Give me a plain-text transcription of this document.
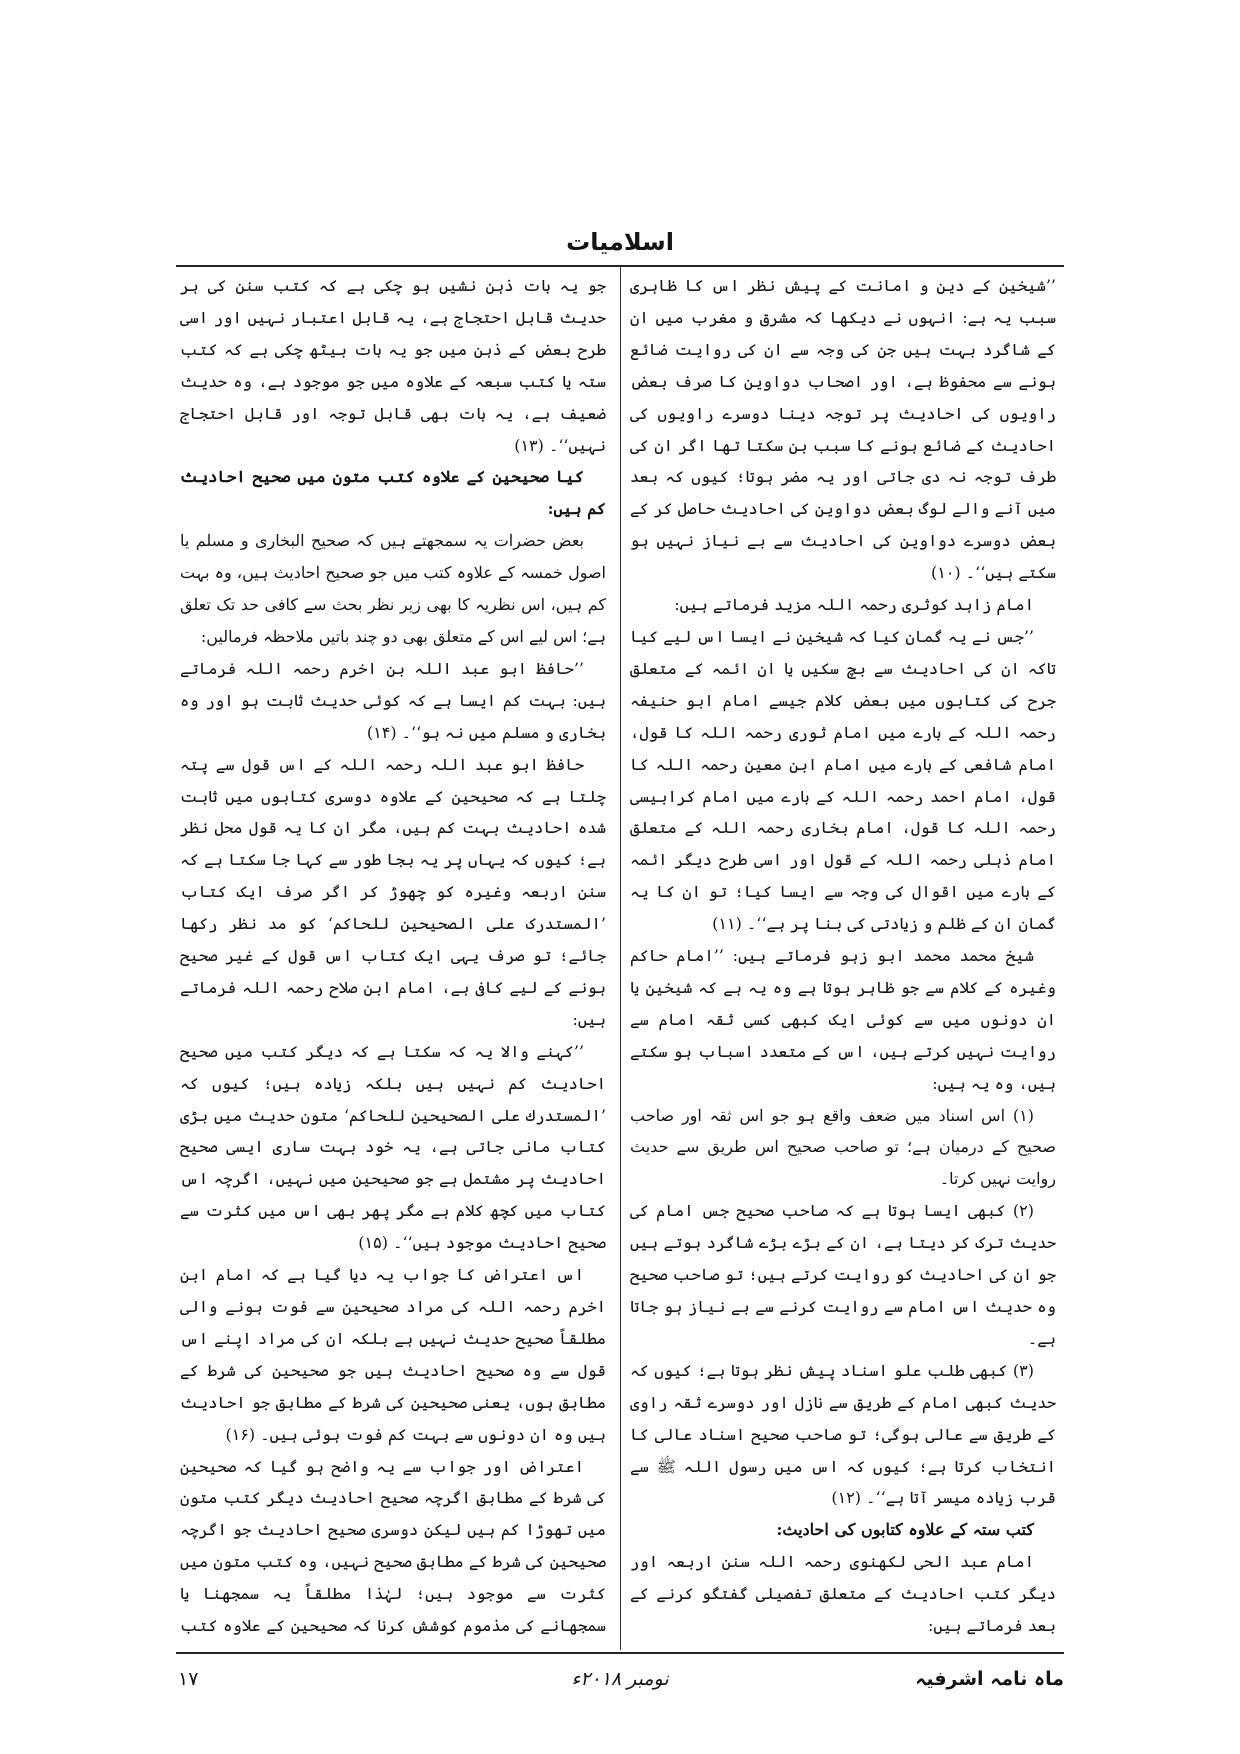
اسلامیات

’’شیخین کے دین و امانت کے پیش نظر اس کا ظاہری سبب یہ ہے: انہوں نے دیکھا کہ مشرق و مغرب میں ان کے شاگرد بہت ہیں جن کی وجہ سے ان کی روایت ضائع ہونے سے محفوظ ہے، اور اصحاب دواوین کا صرف بعض راویوں کی احادیث پر توجہ دینا دوسرے راویوں کی احادیث کے ضائع ہونے کا سبب بن سکتا تھا اگر ان کی طرف توجہ نہ دی جاتی اور یہ مضر ہوتا؛ کیوں کہ بعد میں آنے والے لوگ بعض دواوین کی احادیث حاصل کر کے بعض دوسرے دواوین کی احادیث سے بے نیاز نہیں ہو سکتے ہیں‘‘۔ (۱۰)

امام زاہد کوثری رحمہ اللہ مزید فرماتے ہیں:

’’جس نے یہ گمان کیا کہ شیخین نے ایسا اس لیے کیا تاکہ ان کی احادیث سے بچ سکیں یا ان ائمہ کے متعلق جرح کی کتابوں میں بعض کلام جیسے امام ابو حنیفہ رحمہ اللہ کے بارے میں امام ثوری رحمہ اللہ کا قول، امام شافعی کے بارے میں امام ابن معین رحمہ اللہ کا قول، امام احمد رحمہ اللہ کے بارے میں امام کرابیسی رحمہ اللہ کا قول، امام بخاری رحمہ اللہ کے متعلق امام ذہلی رحمہ اللہ کے قول اور اسی طرح دیگر ائمہ کے بارے میں اقوال کی وجہ سے ایسا کیا؛ تو ان کا یہ گمان ان کے ظلم و زیادتی کی بنا پر ہے‘‘۔ (۱۱)

شیخ محمد محمد ابو زہو فرماتے ہیں: ’’امام حاکم وغیرہ کے کلام سے جو ظاہر ہوتا ہے وہ یہ ہے کہ شیخین یا ان دونوں میں سے کوئی ایک کبھی کسی ثقہ امام سے روایت نہیں کرتے ہیں، اس کے متعدد اسباب ہو سکتے ہیں، وہ یہ ہیں:

(۱) اس اسناد میں ضعف واقع ہو جو اس ثقہ اور صاحب صحیح کے درمیان ہے؛ تو صاحب صحیح اس طریق سے حدیث روایت نہیں کرتا۔

(۲) کبھی ایسا ہوتا ہے کہ صاحب صحیح جس امام کی حدیث ترک کر دیتا ہے، ان کے بڑے بڑے شاگرد ہوتے ہیں جو ان کی احادیث کو روایت کرتے ہیں؛ تو صاحب صحیح وہ حدیث اس امام سے روایت کرنے سے بے نیاز ہو جاتا ہے۔

(۳) کبھی طلب علو اسناد پیش نظر ہوتا ہے؛ کیوں کہ حدیث کبھی امام کے طریق سے نازل اور دوسرے ثقہ راوی کے طریق سے عالی ہوگی؛ تو صاحب صحیح اسناد عالی کا انتخاب کرتا ہے؛ کیوں کہ اس میں رسول اللہ ﷺ سے قرب زیادہ میسر آتا ہے‘‘۔ (۱۲)

کتب ستہ کے علاوہ کتابوں کی احادیث:

امام عبد الحی لکھنوی رحمہ اللہ سنن اربعہ اور دیگر کتب احادیث کے متعلق تفصیلی گفتگو کرنے کے بعد فرماتے ہیں:

جو یہ بات ذہن نشیں ہو چکی ہے کہ کتب سنن کی ہر حدیث قابل احتجاج ہے، یہ قابل اعتبار نہیں اور اسی طرح بعض کے ذہن میں جو یہ بات بیٹھ چکی ہے کہ کتب ستہ یا کتب سبعہ کے علاوہ میں جو موجود ہے، وہ حدیث ضعیف ہے، یہ بات بھی قابل توجہ اور قابل احتجاج نہیں‘‘۔ (۱۳)

کیا صحیحین کے علاوہ کتب متون میں صحیح احادیث کم ہیں:

بعض حضرات یہ سمجھتے ہیں کہ صحیح البخاری و مسلم یا اصول خمسہ کے علاوہ کتب میں جو صحیح احادیث ہیں، وہ بہت کم ہیں، اس نظریہ کا بھی زیر نظر بحث سے کافی حد تک تعلق ہے؛ اس لیے اس کے متعلق بھی دو چند باتیں ملاحظہ فرمالیں:

’’حافظ ابو عبد اللہ بن اخرم رحمہ اللہ فرماتے ہیں: بہت کم ایسا ہے کہ کوئی حدیث ثابت ہو اور وہ بخاری و مسلم میں نہ ہو‘‘۔ (۱۴)

حافظ ابو عبد اللہ رحمہ اللہ کے اس قول سے پتہ چلتا ہے کہ صحیحین کے علاوہ دوسری کتابوں میں ثابت شدہ احادیث بہت کم ہیں، مگر ان کا یہ قول محل نظر ہے؛ کیوں کہ یہاں پر یہ بجا طور سے کہا جا سکتا ہے کہ سنن اربعہ وغیرہ کو چھوڑ کر اگر صرف ایک کتاب ’المستدرک علی الصحیحین للحاکم‘ کو مد نظر رکھا جائے؛ تو صرف یہی ایک کتاب اس قول کے غیر صحیح ہونے کے لیے کافی ہے، امام ابن صلاح رحمہ اللہ فرماتے ہیں:

’’کہنے والا یہ کہ سکتا ہے کہ دیگر کتب میں صحیح احادیث کم نہیں ہیں بلکہ زیادہ ہیں؛ کیوں کہ ’المستدرك علی الصحیحین للحاكم‘ متون حدیث میں بڑی کتاب مانی جاتی ہے، یہ خود بہت ساری ایسی صحیح احادیث پر مشتمل ہے جو صحیحین میں نہیں، اگرچہ اس کتاب میں کچھ کلام ہے مگر پھر بھی اس میں کثرت سے صحیح احادیث موجود ہیں‘‘۔ (۱۵)

اس اعتراض کا جواب یہ دیا گیا ہے کہ امام ابن اخرم رحمہ اللہ کی مراد صحیحین سے فوت ہونے والی مطلقاً صحیح حدیث نہیں ہے بلکہ ان کی مراد اپنے اس قول سے وہ صحیح احادیث ہیں جو صحیحین کی شرط کے مطابق ہوں، یعنی صحیحین کی شرط کے مطابق جو احادیث ہیں وہ ان دونوں سے بہت کم فوت ہوئی ہیں۔ (۱۶)

اعتراض اور جواب سے یہ واضح ہو گیا کہ صحیحین کی شرط کے مطابق اگرچہ صحیح احادیث دیگر کتب متون میں تھوڑا کم ہیں لیکن دوسری صحیح احادیث جو اگرچہ صحیحین کی شرط کے مطابق صحیح نہیں، وہ کتب متون میں کثرت سے موجود ہیں؛ لہٰذا مطلقاً یہ سمجھنا یا سمجھانے کی مذموم کوشش کرنا کہ صحیحین کے علاوہ کتب

ماہ نامہ اشرفیہ
نومبر ۲۰۱۸ء
۱۷
